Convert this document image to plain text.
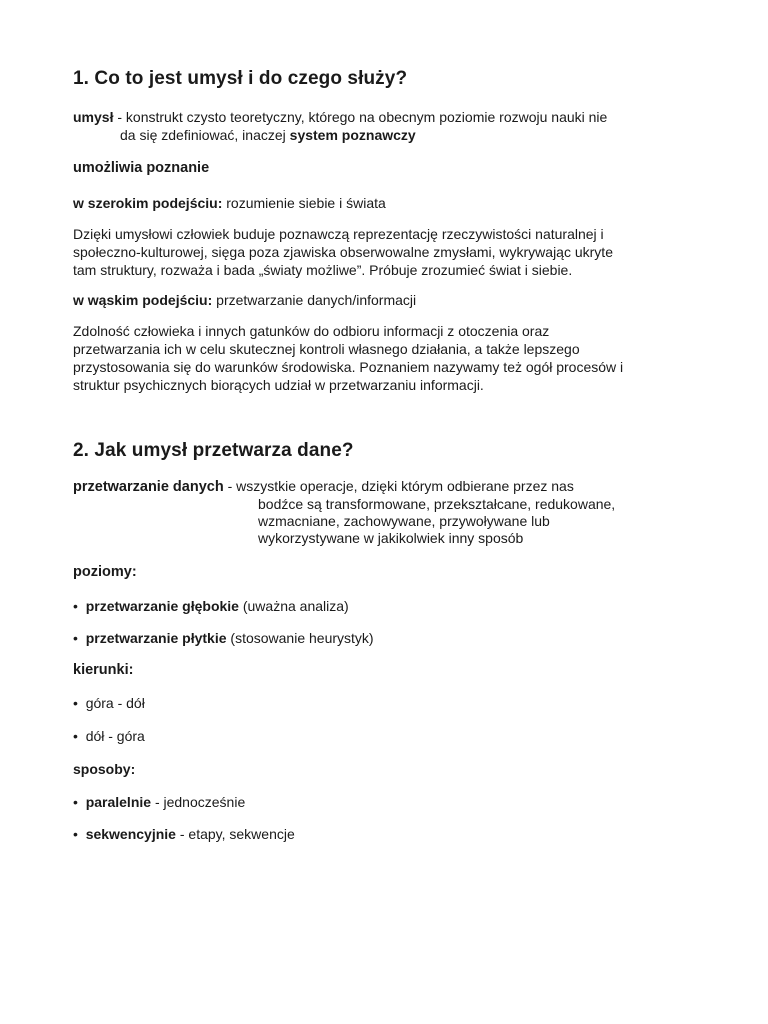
1. Co to jest umysł i do czego służy?
umysł - konstrukt czysto teoretyczny, którego na obecnym poziomie rozwoju nauki nie
da się zdefiniować, inaczej system poznawczy
umożliwia poznanie
w szerokim podejściu: rozumienie siebie i świata
Dzięki umysłowi człowiek buduje poznawczą reprezentację rzeczywistości naturalnej i
społeczno-kulturowej, sięga poza zjawiska obserwowalne zmysłami, wykrywając ukryte
tam struktury, rozważa i bada „światy możliwe”. Próbuje zrozumieć świat i siebie.
w wąskim podejściu: przetwarzanie danych/informacji
Zdolność człowieka i innych gatunków do odbioru informacji z otoczenia oraz
przetwarzania ich w celu skutecznej kontroli własnego działania, a także lepszego
przystosowania się do warunków środowiska. Poznaniem nazywamy też ogół procesów i
struktur psychicznych biorących udział w przetwarzaniu informacji.
2. Jak umysł przetwarza dane?
przetwarzanie danych - wszystkie operacje, dzięki którym odbierane przez nas
bodźce są transformowane, przekształcane, redukowane,
wzmacniane, zachowywane, przywoływane lub
wykorzystywane w jakikolwiek inny sposób
poziomy:
• przetwarzanie głębokie (uważna analiza)
• przetwarzanie płytkie (stosowanie heurystyk)
kierunki:
• góra - dół
• dół - góra
sposoby:
• paralelnie - jednocześnie
• sekwencyjnie - etapy, sekwencje
